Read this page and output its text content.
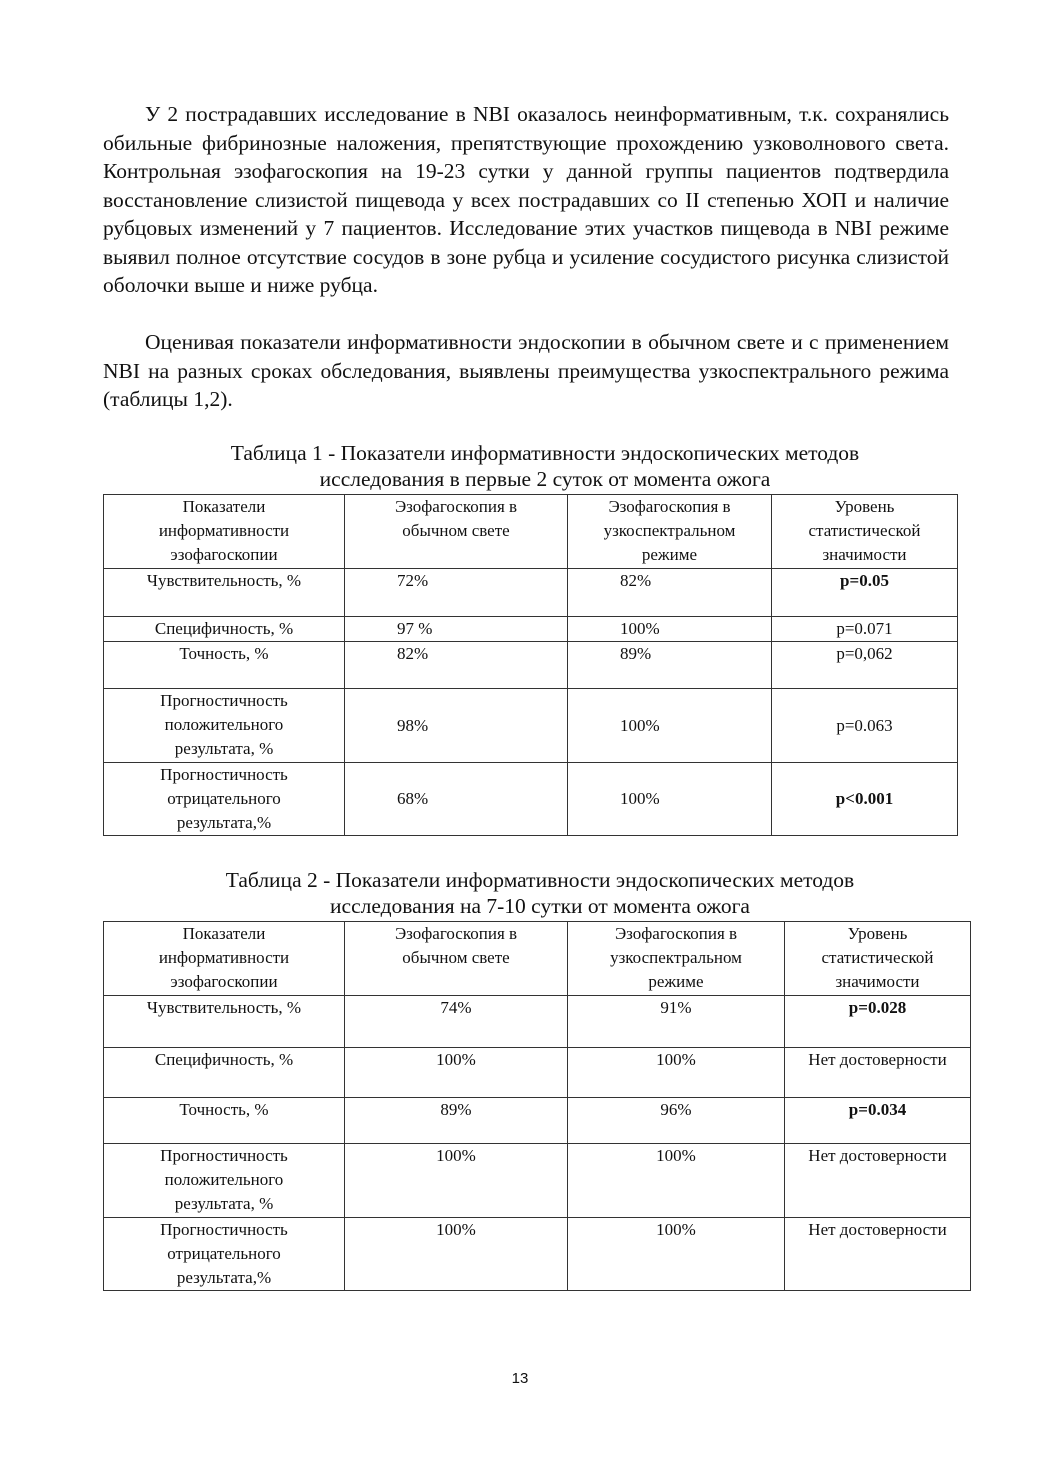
У 2 пострадавших исследование в NBI оказалось неинформативным, т.к. сохранялись обильные фибринозные наложения, препятствующие прохождению узковолнового света. Контрольная эзофагоскопия на 19-23 сутки у данной группы пациентов подтвердила восстановление слизистой пищевода у всех пострадавших со II степенью ХОП и наличие рубцовых изменений у 7 пациентов. Исследование этих участков пищевода в NBI режиме выявил полное отсутствие сосудов в зоне рубца и усиление сосудистого рисунка слизистой оболочки выше и ниже рубца.

Оценивая показатели информативности эндоскопии в обычном свете и с применением NBI на разных сроках обследования, выявлены преимущества узкоспектрального режима (таблицы 1,2).

Таблица 1 - Показатели информативности эндоскопических методов
исследования в первые 2 суток от момента ожога
Показатели информативности эзофагоскопии	Эзофагоскопия в обычном свете	Эзофагоскопия в узкоспектральном режиме	Уровень статистической значимости
Чувствительность, %	72%	82%	p=0.05
Специфичность, %	97 %	100%	p=0.071
Точность, %	82%	89%	p=0,062
Прогностичность положительного результата, %	98%	100%	p=0.063
Прогностичность отрицательного результата,%	68%	100%	p<0.001
Таблица 2 - Показатели информативности эндоскопических методов
исследования на 7-10 сутки от момента ожога
Показатели информативности эзофагоскопии	Эзофагоскопия в обычном свете	Эзофагоскопия в узкоспектральном режиме	Уровень статистической значимости
Чувствительность, %	74%	91%	p=0.028
Специфичность, %	100%	100%	Нет достоверности
Точность, %	89%	96%	p=0.034
Прогностичность положительного результата, %	100%	100%	Нет достоверности
Прогностичность отрицательного результата,%	100%	100%	Нет достоверности
13
